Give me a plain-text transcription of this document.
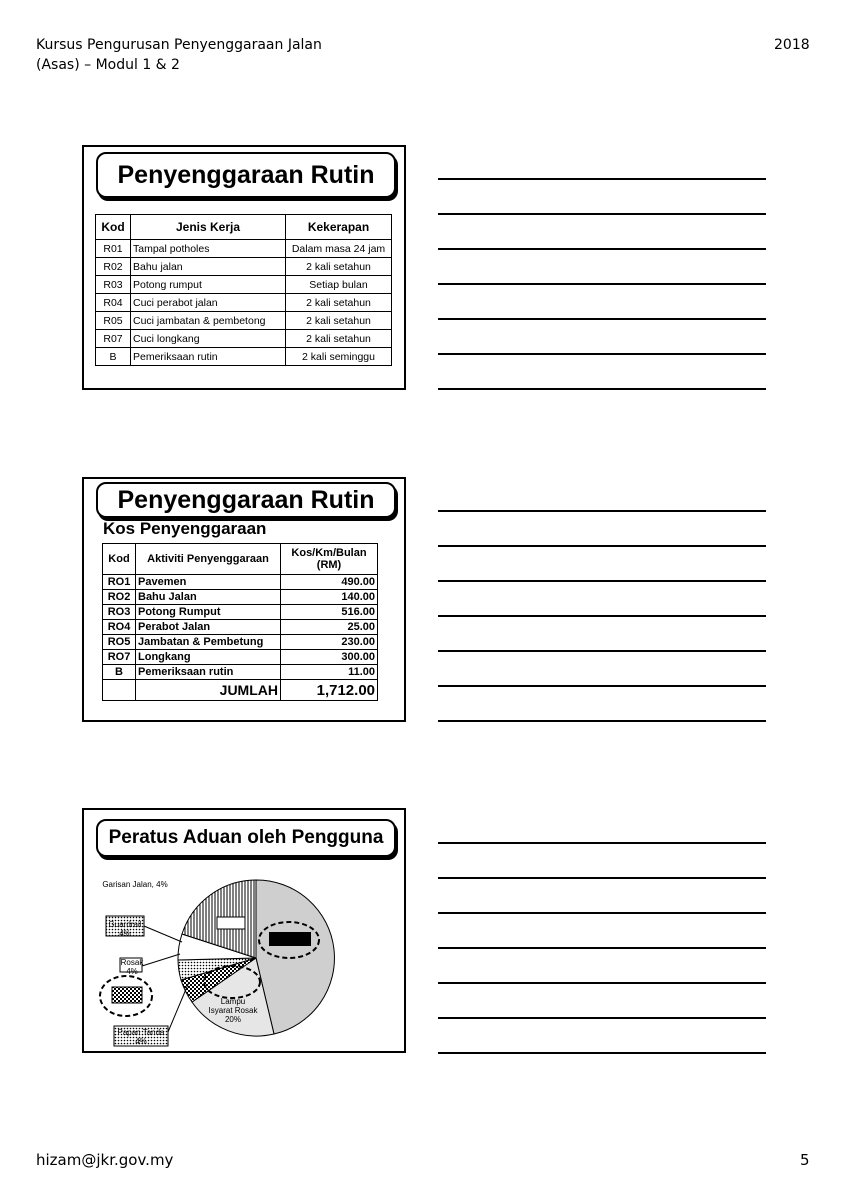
Kursus Pengurusan Penyenggaraan Jalan
(Asas) – Modul 1 & 2
2018
Penyenggaraan Rutin
Kod	Jenis Kerja	Kekerapan
R01	Tampal potholes	Dalam masa 24 jam
R02	Bahu jalan	2 kali setahun
R03	Potong rumput	Setiap bulan
R04	Cuci perabot jalan	2 kali setahun
R05	Cuci jambatan & pembetong	2 kali setahun
R07	Cuci longkang	2 kali setahun
B	Pemeriksaan rutin	2 kali seminggu
Penyenggaraan Rutin
Kos Penyenggaraan
Kod	Aktiviti Penyenggaraan	Kos/Km/Bulan (RM)
RO1	Pavemen	490.00
RO2	Bahu Jalan	140.00
RO3	Potong Rumput	516.00
RO4	Perabot Jalan	25.00
RO5	Jambatan & Pembetung	230.00
RO7	Longkang	300.00
B	Pemeriksaan rutin	11.00
	JUMLAH	1,712.00
Peratus Aduan oleh Pengguna
Garisan Jalan, 4%
Guardrail 4%
Rosak 4%
Lampu Isyarat Rosak 20%
Papan Tanda 4%
hizam@jkr.gov.my	5
